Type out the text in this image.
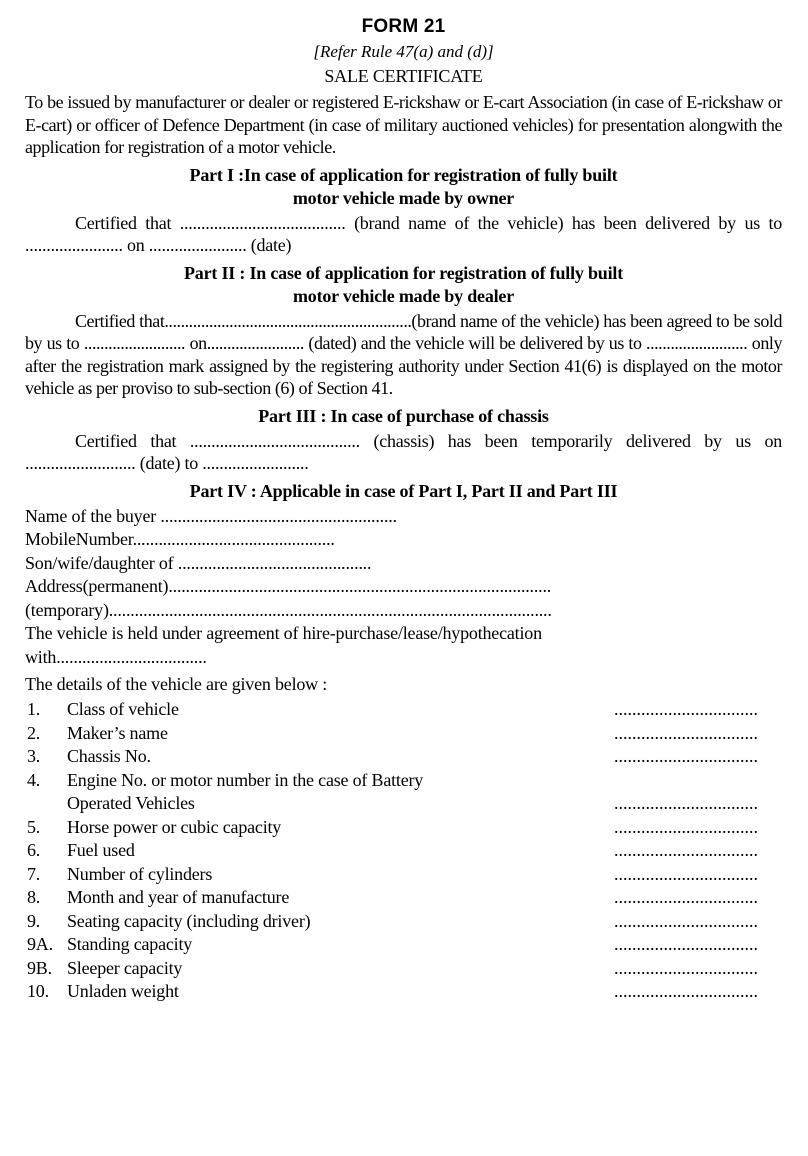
FORM 21
[Refer Rule 47(a) and (d)]
SALE CERTIFICATE

To be issued by manufacturer or dealer or registered E-rickshaw or E-cart Association (in case of E-rickshaw or E-cart) or officer of Defence Department (in case of military auctioned vehicles) for presentation alongwith the application for registration of a motor vehicle.

Part I :In case of application for registration of fully built
motor vehicle made by owner

Certified that ....................................... (brand name of the vehicle) has been delivered by us to ....................... on ....................... (date)

Part II : In case of application for registration of fully built
motor vehicle made by dealer

Certified that.............................................................(brand name of the vehicle) has been agreed to be sold by us to ......................... on........................ (dated) and the vehicle will be delivered by us to ......................... only after the registration mark assigned by the registering authority under Section 41(6) is displayed on the motor vehicle as per proviso to sub-section (6) of Section 41.

Part III : In case of purchase of chassis

Certified that ........................................ (chassis) has been temporarily delivered by us on .......................... (date) to .........................

Part IV : Applicable in case of Part I, Part II and Part III

Name of the buyer .......................................................

MobileNumber...............................................

Son/wife/daughter of .............................................

Address(permanent).........................................................................................

(temporary).......................................................................................................

The vehicle is held under agreement of hire-purchase/lease/hypothecation

with...................................

The details of the vehicle are given below :

1.	Class of vehicle	................................
2.	Maker’s name	................................
3.	Chassis No.	................................
4.	Engine No. or motor number in the case of Battery
Operated Vehicles	................................
5.	Horse power or cubic capacity	................................
6.	Fuel used	................................
7.	Number of cylinders	................................
8.	Month and year of manufacture	................................
9.	Seating capacity (including driver)	................................
9A. Standing capacity	................................
9B. Sleeper capacity	................................
10.	Unladen weight	................................
